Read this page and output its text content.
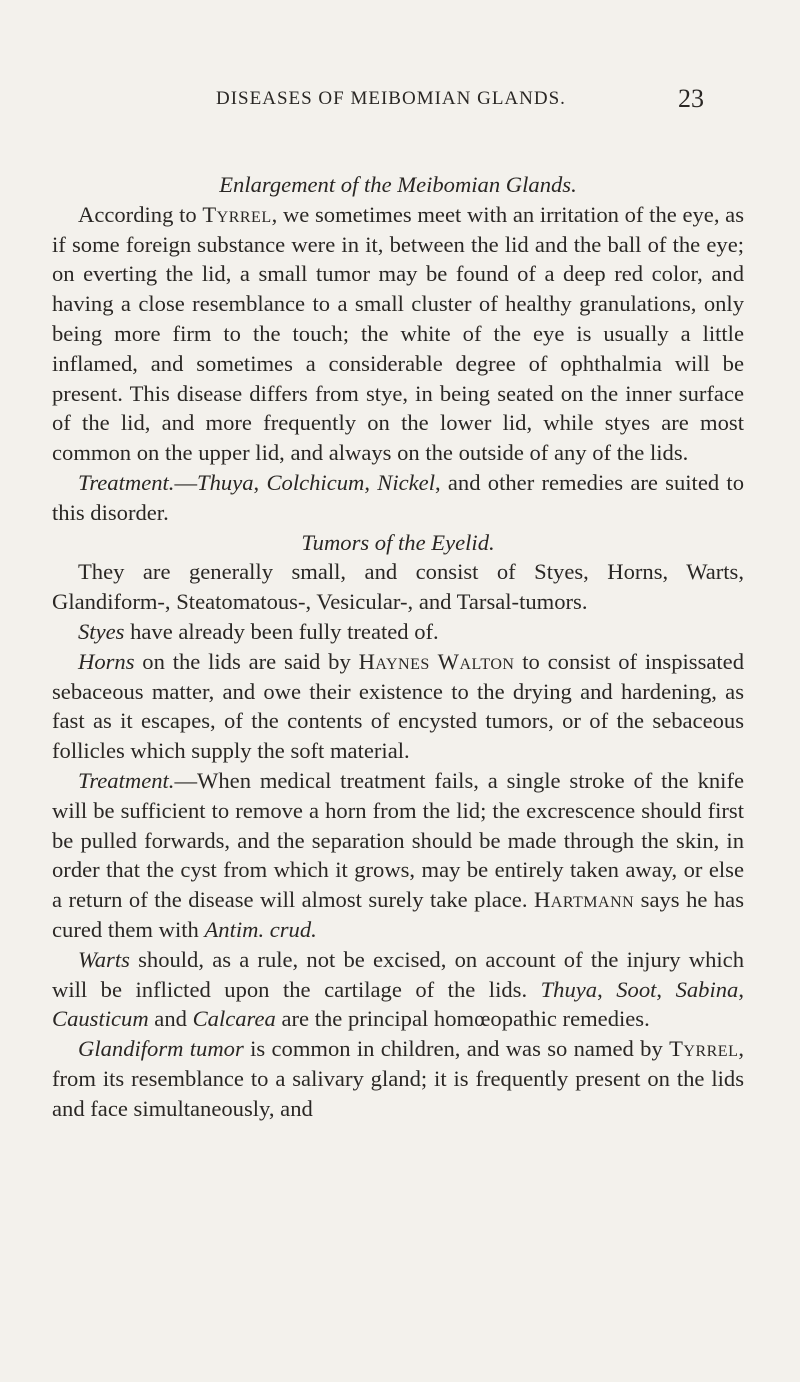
DISEASES OF MEIBOMIAN GLANDS.	23

Enlargement of the Meibomian Glands.

According to Tyrrel, we sometimes meet with an irritation of the eye, as if some foreign substance were in it, between the lid and the ball of the eye; on everting the lid, a small tumor may be found of a deep red color, and having a close resemblance to a small cluster of healthy granulations, only being more firm to the touch; the white of the eye is usually a little inflamed, and sometimes a considerable degree of ophthalmia will be present. This disease differs from stye, in being seated on the inner surface of the lid, and more frequently on the lower lid, while styes are most common on the upper lid, and always on the outside of any of the lids.

Treatment.—Thuya, Colchicum, Nickel, and other remedies are suited to this disorder.

Tumors of the Eyelid.

They are generally small, and consist of Styes, Horns, Warts, Glandiform-, Steatomatous-, Vesicular-, and Tarsal-tumors.

Styes have already been fully treated of.

Horns on the lids are said by Haynes Walton to consist of inspissated sebaceous matter, and owe their existence to the drying and hardening, as fast as it escapes, of the contents of encysted tumors, or of the sebaceous follicles which supply the soft material.

Treatment.—When medical treatment fails, a single stroke of the knife will be sufficient to remove a horn from the lid; the excrescence should first be pulled forwards, and the separation should be made through the skin, in order that the cyst from which it grows, may be entirely taken away, or else a return of the disease will almost surely take place. Hartmann says he has cured them with Antim. crud.

Warts should, as a rule, not be excised, on account of the injury which will be inflicted upon the cartilage of the lids. Thuya, Soot, Sabina, Causticum and Calcarea are the principal homœopathic remedies.

Glandiform tumor is common in children, and was so named by Tyrrel, from its resemblance to a salivary gland; it is frequently present on the lids and face simultaneously, and
